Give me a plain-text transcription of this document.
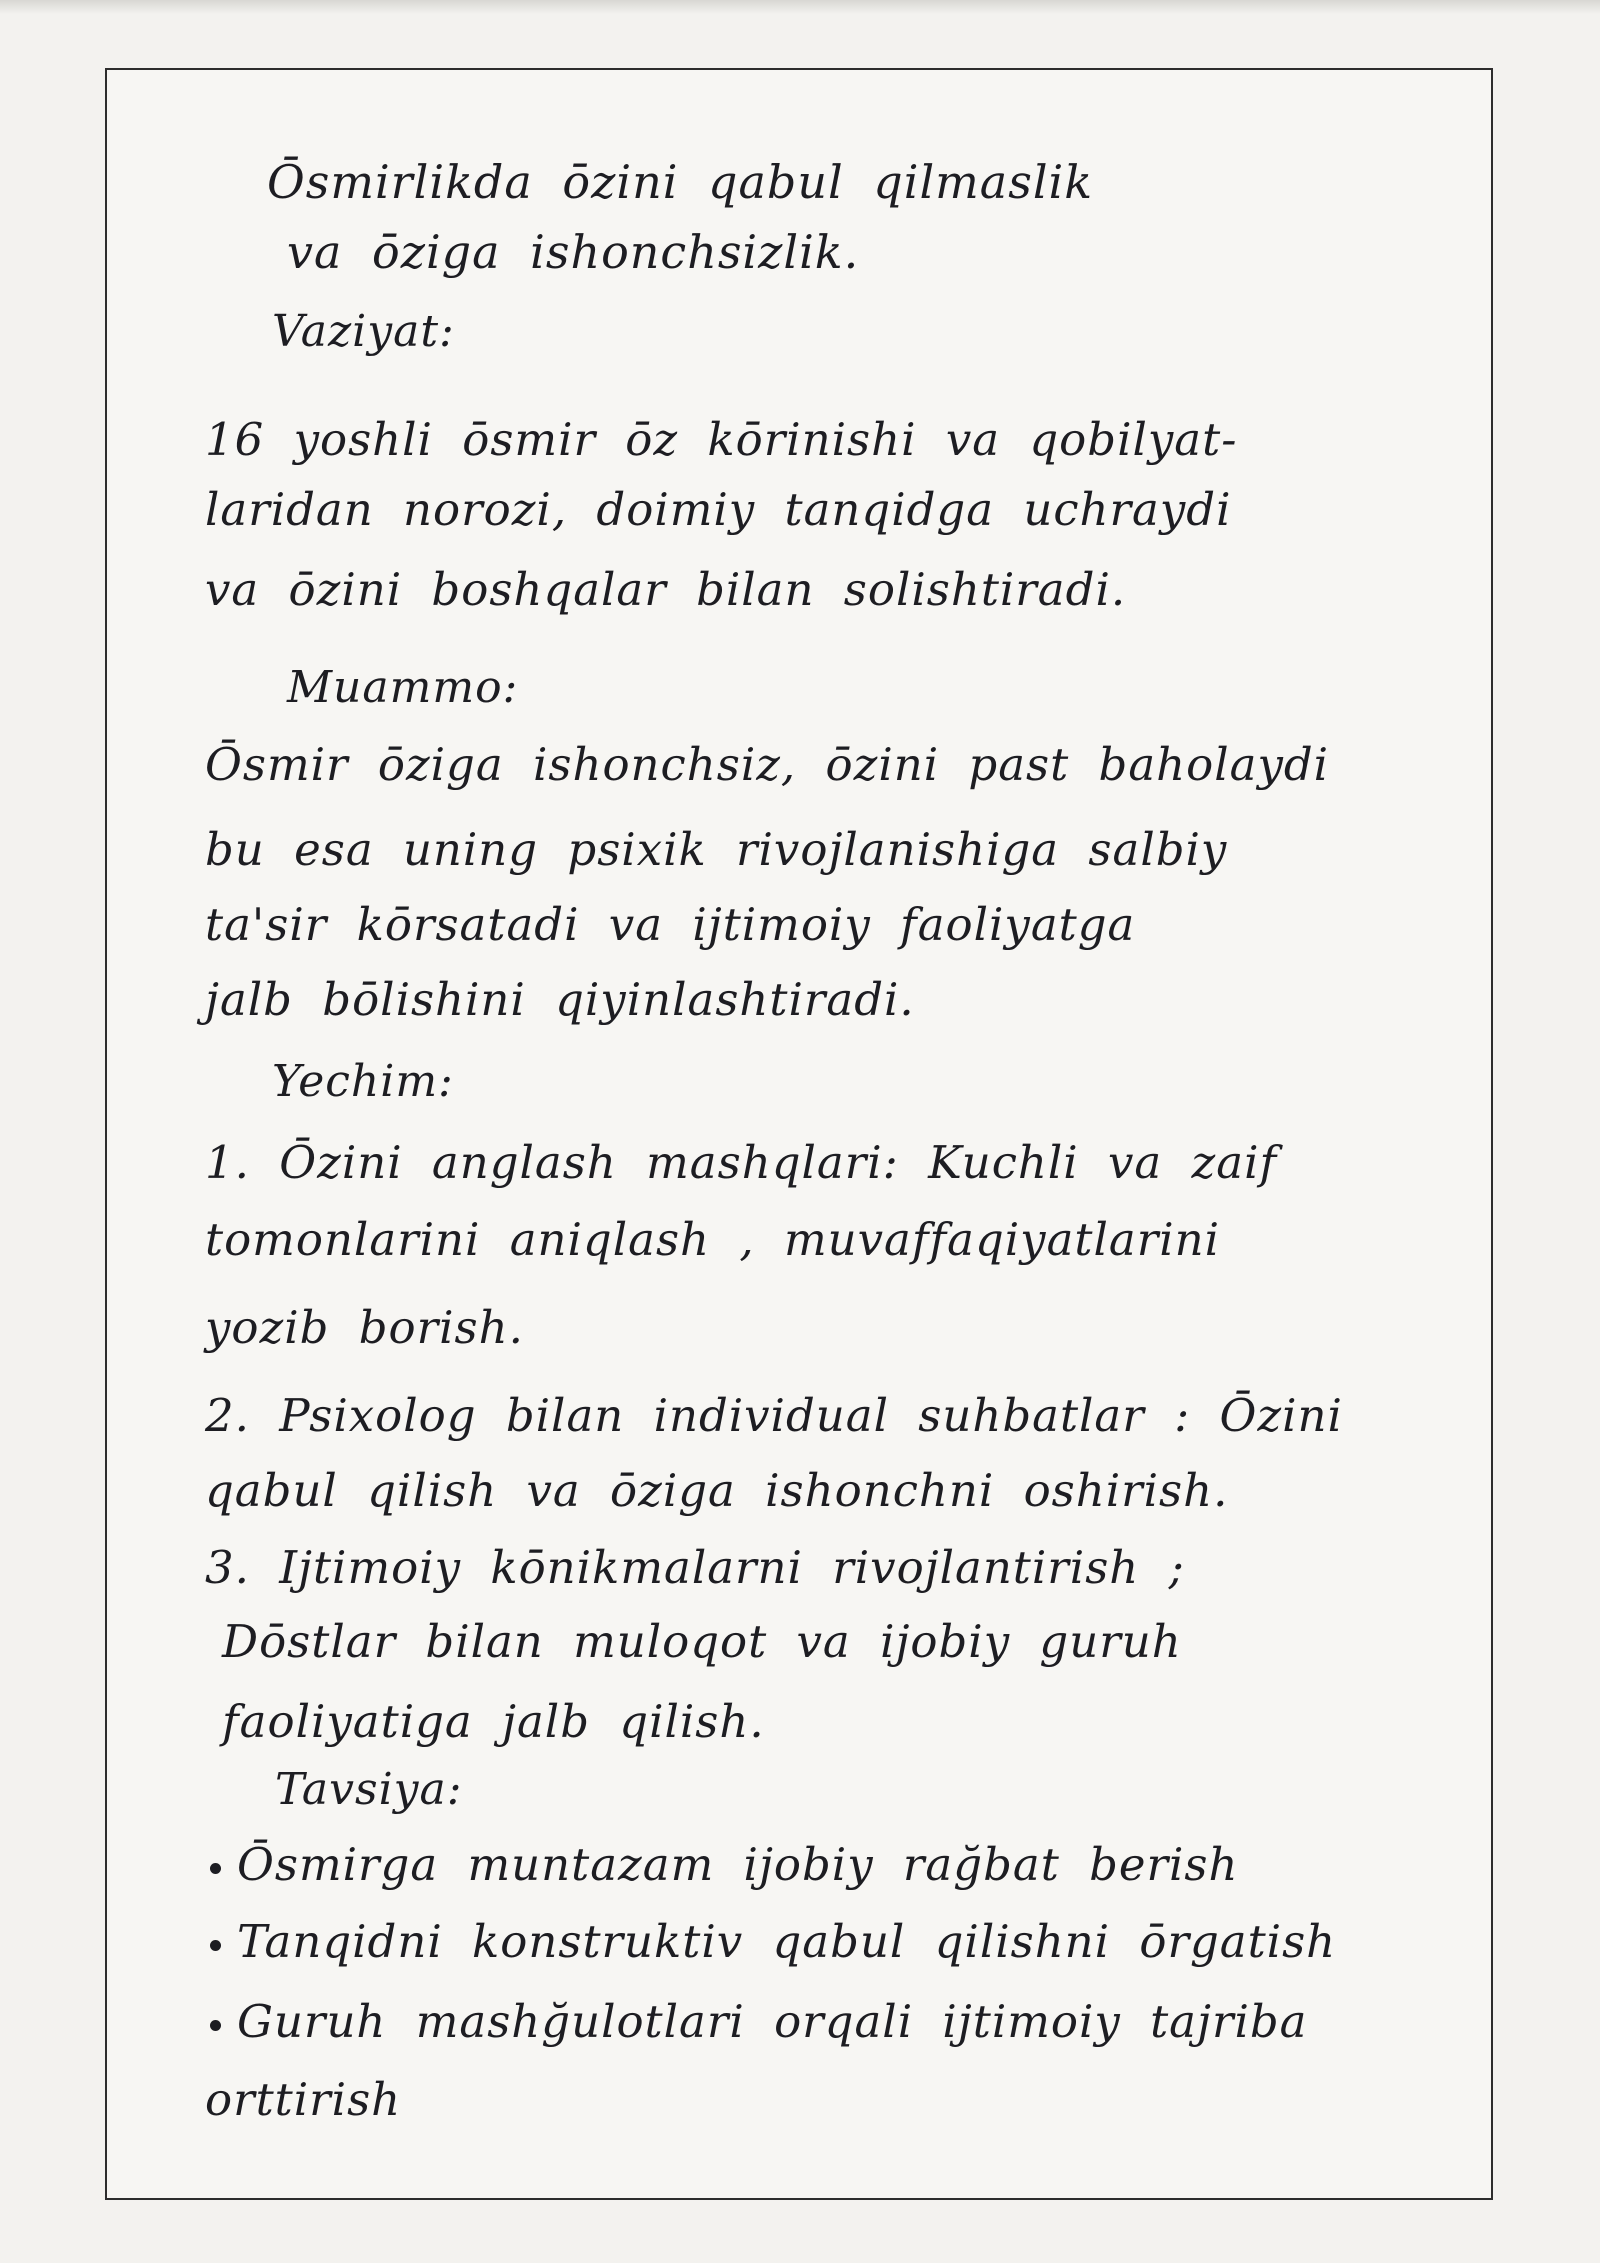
Ōsmirlikda ōzini qabul qilmaslik
va ōziga ishonchsizlik.
Vaziyat:
16 yoshli ōsmir ōz kōrinishi va qobilyat-
laridan norozi, doimiy tanqidga uchraydi
va ōzini boshqalar bilan solishtiradi.
Muammo:
Ōsmir ōziga ishonchsiz, ōzini past baholaydi
bu esa uning psixik rivojlanishiga salbiy
ta'sir kōrsatadi va ijtimoiy faoliyatga
jalb bōlishini qiyinlashtiradi.
Yechim:
1. Ōzini anglash mashqlari: Kuchli va zaif
tomonlarini aniqlash , muvaffaqiyatlarini
yozib borish.
2. Psixolog bilan individual suhbatlar : Ōzini
qabul qilish va ōziga ishonchni oshirish.
3. Ijtimoiy kōnikmalarni rivojlantirish ;
Dōstlar bilan muloqot va ijobiy guruh
faoliyatiga jalb qilish.
Tavsiya:
Ōsmirga muntazam ijobiy rağbat berish
Tanqidni konstruktiv qabul qilishni ōrgatish
Guruh mashğulotlari orqali ijtimoiy tajriba
orttirish
